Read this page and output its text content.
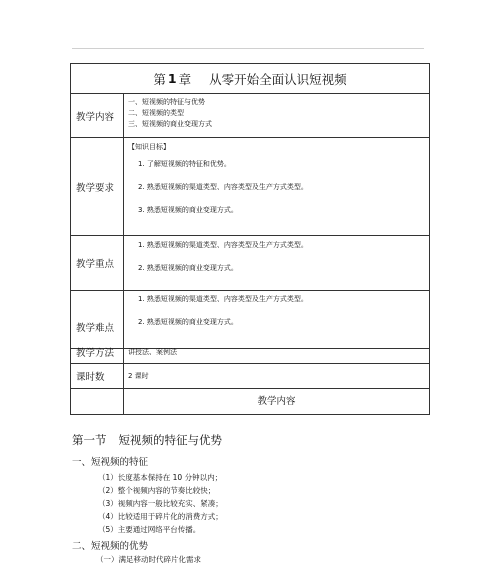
第 1 章 从零开始全面认识短视频
教学内容
一、短视频的特征与优势
二、短视频的类型
三、短视频的商业变现方式
教学要求
【知识目标】
1. 了解短视频的特征和优势。
2. 熟悉短视频的渠道类型、内容类型及生产方式类型。
3. 熟悉短视频的商业变现方式。
教学重点
1. 熟悉短视频的渠道类型、内容类型及生产方式类型。
2. 熟悉短视频的商业变现方式。
教学难点
1. 熟悉短视频的渠道类型、内容类型及生产方式类型。
2. 熟悉短视频的商业变现方式。
教学方法	讲授法、案例法
课时数	2 课时
教学内容
第一节 短视频的特征与优势
一、短视频的特征
（1）长度基本保持在 10 分钟以内；
（2）整个视频内容的节奏比较快；
（3）视频内容一般比较充实、紧凑；
（4）比较适用于碎片化的消费方式；
（5）主要通过网络平台传播。
二、短视频的优势
（一）满足移动时代碎片化需求
